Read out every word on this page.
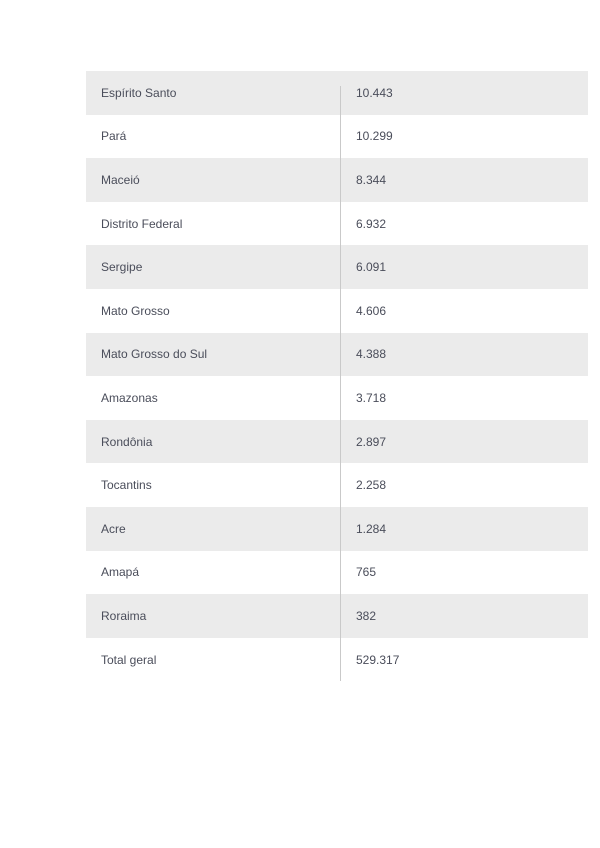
Espírito Santo	10.443
Pará	10.299
Maceió	8.344
Distrito Federal	6.932
Sergipe	6.091
Mato Grosso	4.606
Mato Grosso do Sul	4.388
Amazonas	3.718
Rondônia	2.897
Tocantins	2.258
Acre	1.284
Amapá	765
Roraima	382
Total geral	529.317
